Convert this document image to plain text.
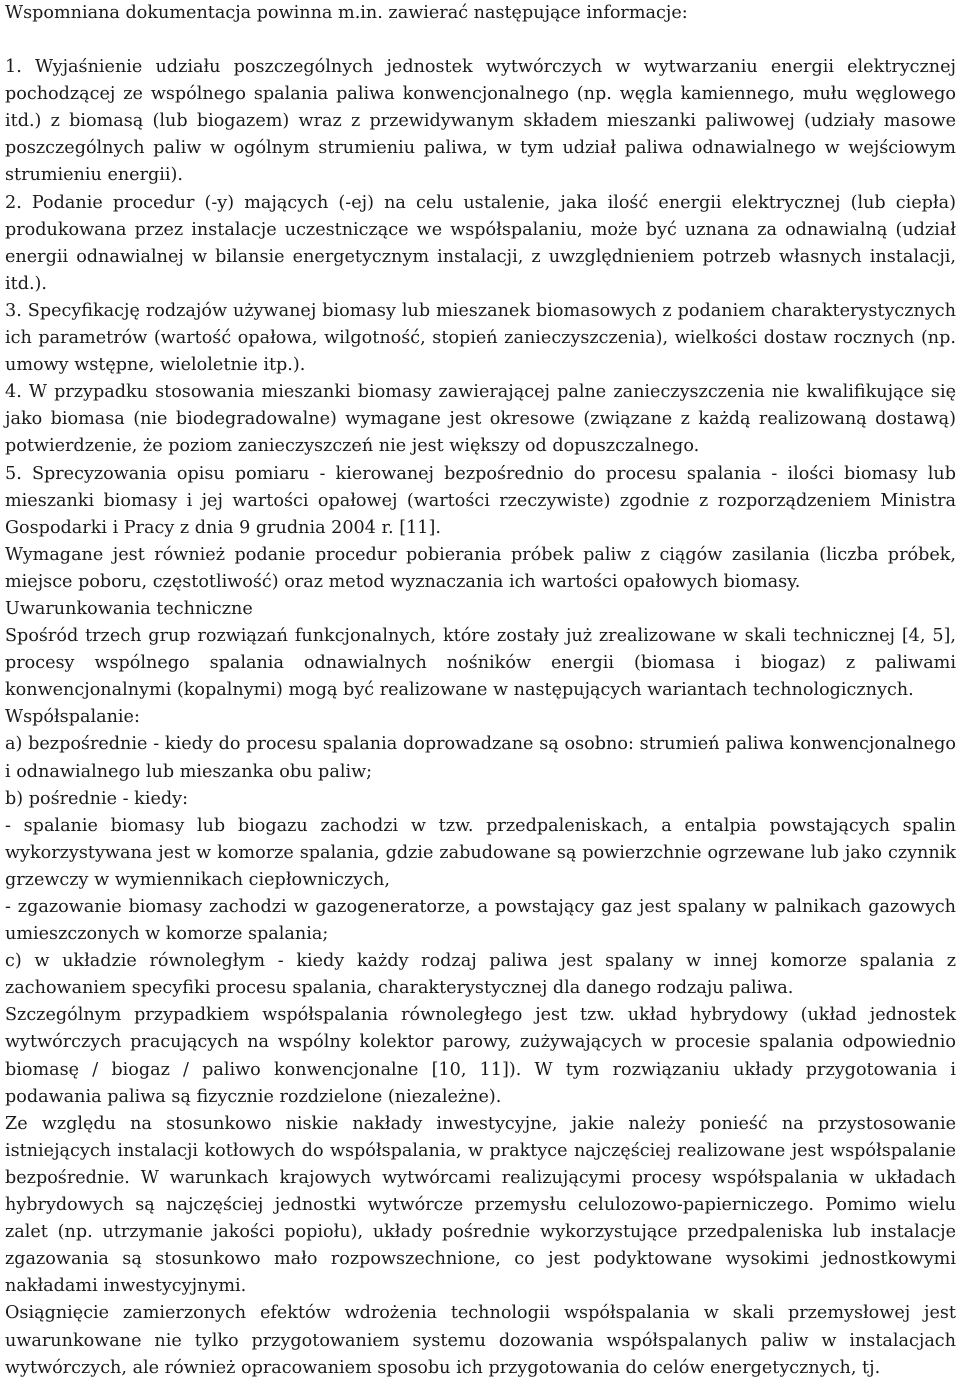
Wspomniana dokumentacja powinna m.in. zawierać następujące informacje:

1. Wyjaśnienie udziału poszczególnych jednostek wytwórczych w wytwarzaniu energii elektrycznej pochodzącej ze wspólnego spalania paliwa konwencjonalnego (np. węgla kamiennego, mułu węglowego itd.) z biomasą (lub biogazem) wraz z przewidywanym składem mieszanki paliwowej (udziały masowe poszczególnych paliw w ogólnym strumieniu paliwa, w tym udział paliwa odnawialnego w wejściowym strumieniu energii).

2. Podanie procedur (-y) mających (-ej) na celu ustalenie, jaka ilość energii elektrycznej (lub ciepła) produkowana przez instalacje uczestniczące we współspalaniu, może być uznana za odnawialną (udział energii odnawialnej w bilansie energetycznym instalacji, z uwzględnieniem potrzeb własnych instalacji, itd.).

3. Specyfikację rodzajów używanej biomasy lub mieszanek biomasowych z podaniem charakterystycznych ich parametrów (wartość opałowa, wilgotność, stopień zanieczyszczenia), wielkości dostaw rocznych (np. umowy wstępne, wieloletnie itp.).

4. W przypadku stosowania mieszanki biomasy zawierającej palne zanieczyszczenia nie kwalifikujące się jako biomasa (nie biodegradowalne) wymagane jest okresowe (związane z każdą realizowaną dostawą) potwierdzenie, że poziom zanieczyszczeń nie jest większy od dopuszczalnego.

5. Sprecyzowania opisu pomiaru - kierowanej bezpośrednio do procesu spalania - ilości biomasy lub mieszanki biomasy i jej wartości opałowej (wartości rzeczywiste) zgodnie z rozporządzeniem Ministra Gospodarki i Pracy z dnia 9 grudnia 2004 r. [11].

Wymagane jest również podanie procedur pobierania próbek paliw z ciągów zasilania (liczba próbek, miejsce poboru, częstotliwość) oraz metod wyznaczania ich wartości opałowych biomasy.

Uwarunkowania techniczne

Spośród trzech grup rozwiązań funkcjonalnych, które zostały już zrealizowane w skali technicznej [4, 5], procesy wspólnego spalania odnawialnych nośników energii (biomasa i biogaz) z paliwami konwencjonalnymi (kopalnymi) mogą być realizowane w następujących wariantach technologicznych.

Współspalanie:

a) bezpośrednie - kiedy do procesu spalania doprowadzane są osobno: strumień paliwa konwencjonalnego i odnawialnego lub mieszanka obu paliw;

b) pośrednie - kiedy:

- spalanie biomasy lub biogazu zachodzi w tzw. przedpaleniskach, a entalpia powstających spalin wykorzystywana jest w komorze spalania, gdzie zabudowane są powierzchnie ogrzewane lub jako czynnik grzewczy w wymiennikach ciepłowniczych,

- zgazowanie biomasy zachodzi w gazogeneratorze, a powstający gaz jest spalany w palnikach gazowych umieszczonych w komorze spalania;

c) w układzie równoległym - kiedy każdy rodzaj paliwa jest spalany w innej komorze spalania z zachowaniem specyfiki procesu spalania, charakterystycznej dla danego rodzaju paliwa.

Szczególnym przypadkiem współspalania równoległego jest tzw. układ hybrydowy (układ jednostek wytwórczych pracujących na wspólny kolektor parowy, zużywających w procesie spalania odpowiednio biomasę / biogaz / paliwo konwencjonalne [10, 11]). W tym rozwiązaniu układy przygotowania i podawania paliwa są fizycznie rozdzielone (niezależne).

Ze względu na stosunkowo niskie nakłady inwestycyjne, jakie należy ponieść na przystosowanie istniejących instalacji kotłowych do współspalania, w praktyce najczęściej realizowane jest współspalanie bezpośrednie. W warunkach krajowych wytwórcami realizującymi procesy współspalania w układach hybrydowych są najczęściej jednostki wytwórcze przemysłu celulozowo-papierniczego. Pomimo wielu zalet (np. utrzymanie jakości popiołu), układy pośrednie wykorzystujące przedpaleniska lub instalacje zgazowania są stosunkowo mało rozpowszechnione, co jest podyktowane wysokimi jednostkowymi nakładami inwestycyjnymi.

Osiągnięcie zamierzonych efektów wdrożenia technologii współspalania w skali przemysłowej jest uwarunkowane nie tylko przygotowaniem systemu dozowania współspalanych paliw w instalacjach wytwórczych, ale również opracowaniem sposobu ich przygotowania do celów energetycznych, tj.
